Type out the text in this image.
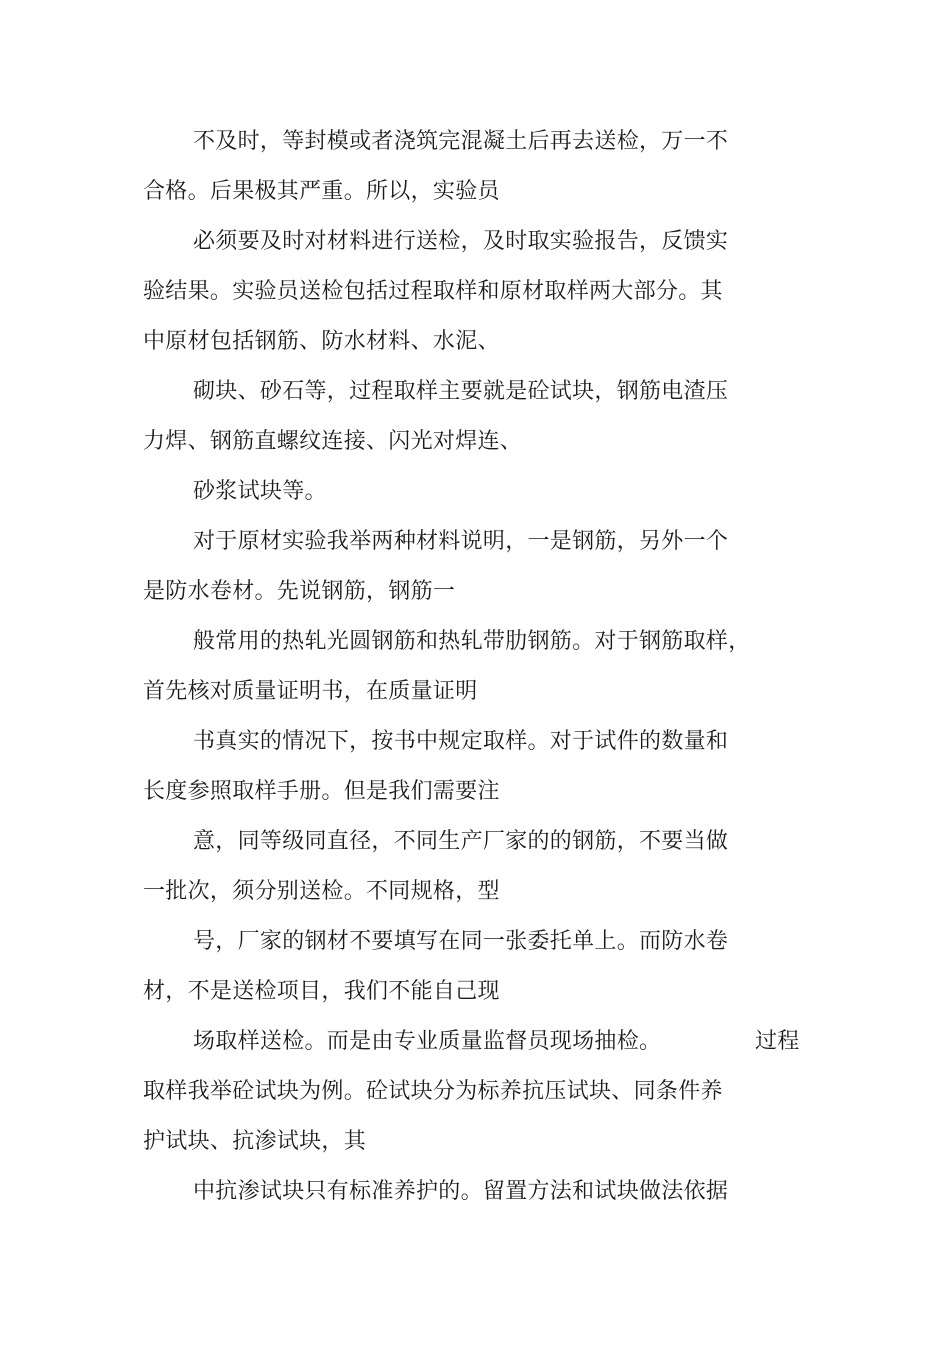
不及时，等封模或者浇筑完混凝土后再去送检，万一不
合格。后果极其严重。所以，实验员
必须要及时对材料进行送检，及时取实验报告，反馈实
验结果。实验员送检包括过程取样和原材取样两大部分。其
中原材包括钢筋、防水材料、水泥、
砌块、砂石等，过程取样主要就是砼试块，钢筋电渣压
力焊、钢筋直螺纹连接、闪光对焊连、
砂浆试块等。
对于原材实验我举两种材料说明，一是钢筋，另外一个
是防水卷材。先说钢筋，钢筋一
般常用的热轧光圆钢筋和热轧带肋钢筋。对于钢筋取样，
首先核对质量证明书，在质量证明
书真实的情况下，按书中规定取样。对于试件的数量和
长度参照取样手册。但是我们需要注
意，同等级同直径，不同生产厂家的的钢筋，不要当做
一批次，须分别送检。不同规格，型
号，厂家的钢材不要填写在同一张委托单上。而防水卷
材，不是送检项目，我们不能自己现
场取样送检。而是由专业质量监督员现场抽检。	过程
取样我举砼试块为例。砼试块分为标养抗压试块、同条件养
护试块、抗渗试块，其
中抗渗试块只有标准养护的。留置方法和试块做法依据
